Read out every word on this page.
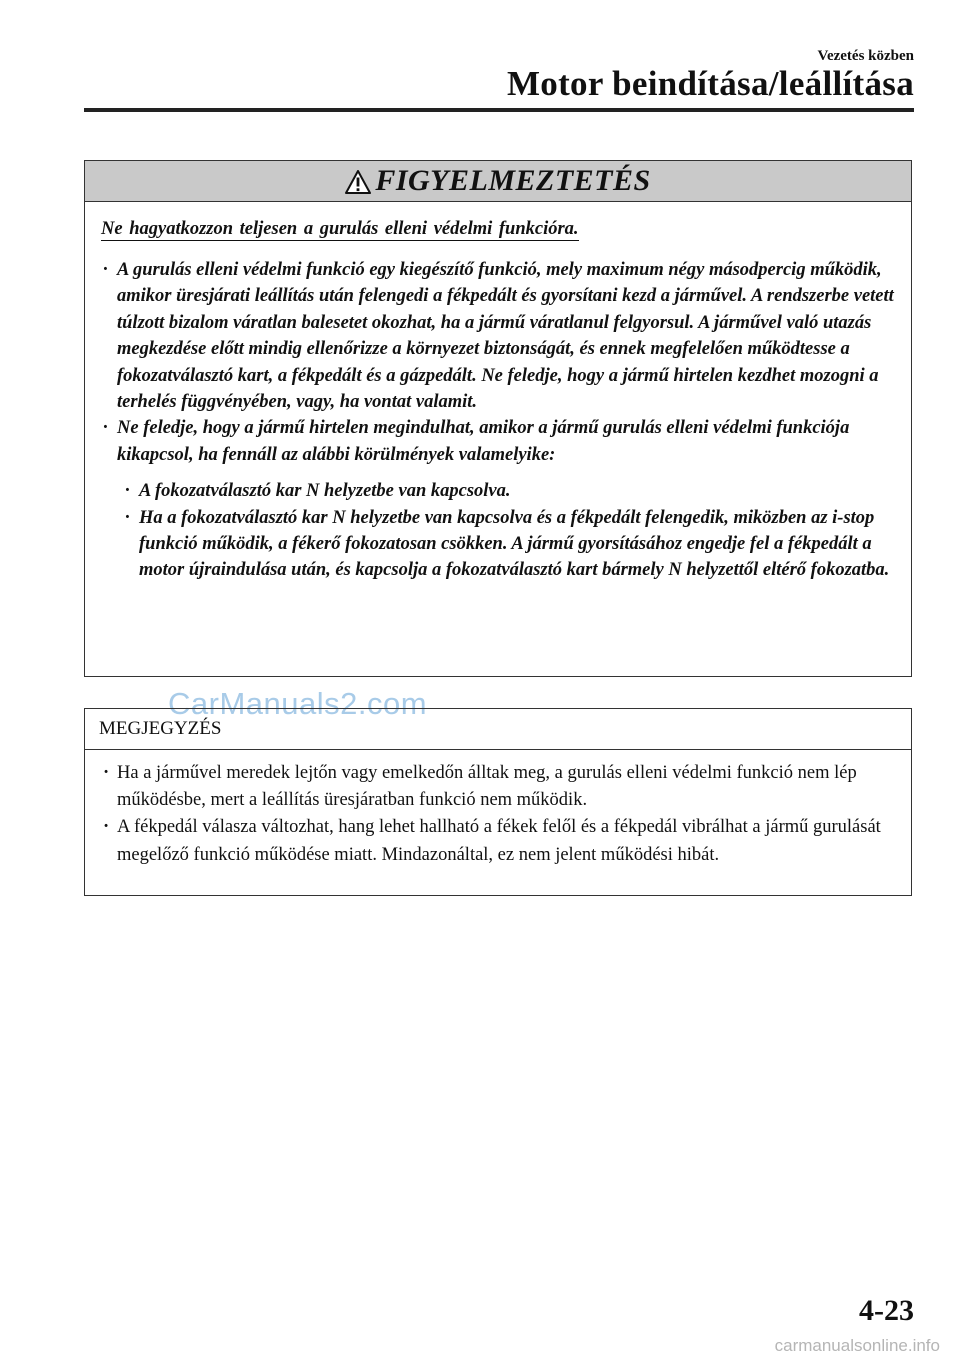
Vezetés közben
Motor beindítása/leállítása
FIGYELMEZTETÉS
Ne hagyatkozzon teljesen a gurulás elleni védelmi funkcióra.
· A gurulás elleni védelmi funkció egy kiegészítő funkció, mely maximum négy másodpercig működik, amikor üresjárati leállítás után felengedi a fékpedált és gyorsítani kezd a járművel. A rendszerbe vetett túlzott bizalom váratlan balesetet okozhat, ha a jármű váratlanul felgyorsul. A járművel való utazás megkezdése előtt mindig ellenőrizze a környezet biztonságát, és ennek megfelelően működtesse a fokozatválasztó kart, a fékpedált és a gázpedált. Ne feledje, hogy a jármű hirtelen kezdhet mozogni a terhelés függvényében, vagy, ha vontat valamit.
· Ne feledje, hogy a jármű hirtelen megindulhat, amikor a jármű gurulás elleni védelmi funkciója kikapcsol, ha fennáll az alábbi körülmények valamelyike:
· A fokozatválasztó kar N helyzetbe van kapcsolva.
· Ha a fokozatválasztó kar N helyzetbe van kapcsolva és a fékpedált felengedik, miközben az i-stop funkció működik, a fékerő fokozatosan csökken. A jármű gyorsításához engedje fel a fékpedált a motor újraindulása után, és kapcsolja a fokozatválasztó kart bármely N helyzettől eltérő fokozatba.
CarManuals2.com
MEGJEGYZÉS
· Ha a járművel meredek lejtőn vagy emelkedőn álltak meg, a gurulás elleni védelmi funkció nem lép működésbe, mert a leállítás üresjáratban funkció nem működik.
· A fékpedál válasza változhat, hang lehet hallható a fékek felől és a fékpedál vibrálhat a jármű gurulását megelőző funkció működése miatt. Mindazonáltal, ez nem jelent működési hibát.
4-23
carmanualsonline.info
